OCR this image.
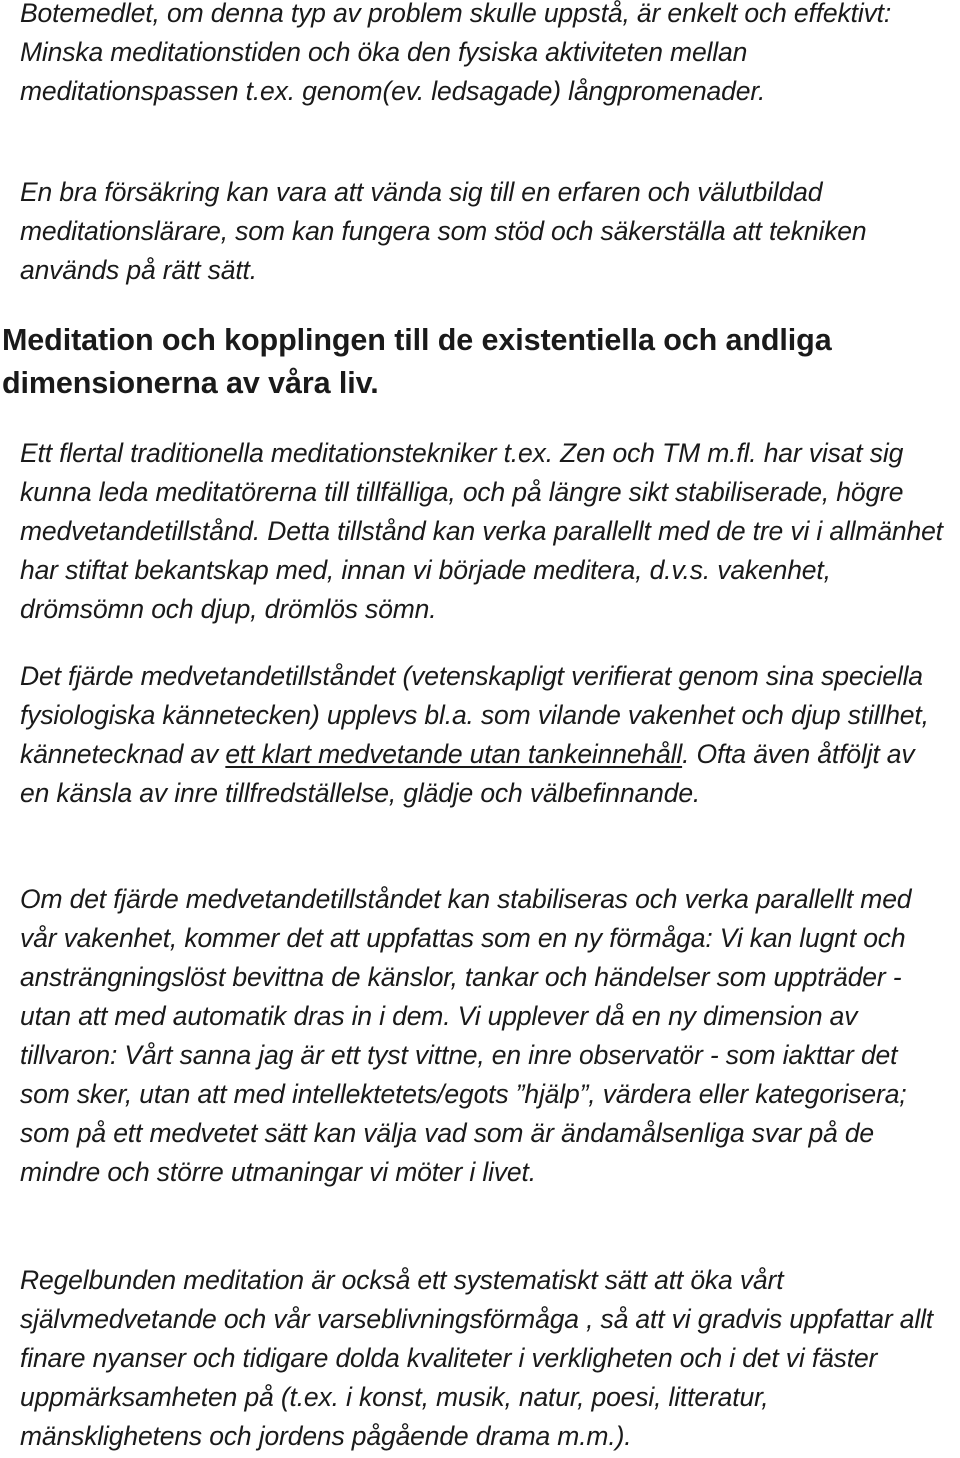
Botemedlet, om denna typ av problem skulle uppstå, är enkelt och effektivt: Minska meditationstiden och öka den fysiska aktiviteten mellan meditationspassen t.ex. genom(ev. ledsagade) långpromenader.

En bra försäkring kan vara att vända sig till en erfaren och välutbildad meditationslärare, som kan fungera som stöd och säkerställa att tekniken används på rätt sätt.

Meditation och kopplingen till de existentiella och andliga dimensionerna av våra liv.

Ett flertal traditionella meditationstekniker t.ex. Zen och TM m.fl. har visat sig kunna leda meditatörerna till tillfälliga, och på längre sikt stabiliserade, högre medvetandetillstånd. Detta tillstånd kan verka parallellt med de tre vi i allmänhet har stiftat bekantskap med, innan vi började meditera, d.v.s. vakenhet, drömsömn och djup, drömlös sömn.

Det fjärde medvetandetillståndet (vetenskapligt verifierat genom sina speciella fysiologiska kännetecken) upplevs bl.a. som vilande vakenhet och djup stillhet, kännetecknad av ett klart medvetande utan tankeinnehåll. Ofta även åtföljt av en känsla av inre tillfredställelse, glädje och välbefinnande.

Om det fjärde medvetandetillståndet kan stabiliseras och verka parallellt med vår vakenhet, kommer det att uppfattas som en ny förmåga: Vi kan lugnt och ansträngningslöst bevittna de känslor, tankar och händelser som uppträder - utan att med automatik dras in i dem. Vi upplever då en ny dimension av tillvaron: Vårt sanna jag är ett tyst vittne, en inre observatör - som iakttar det som sker, utan att med intellektetets/egots ”hjälp”, värdera eller kategorisera; som på ett medvetet sätt kan välja vad som är ändamålsenliga svar på de mindre och större utmaningar vi möter i livet.

Regelbunden meditation är också ett systematiskt sätt att öka vårt självmedvetande och vår varseblivningsförmåga , så att vi gradvis uppfattar allt finare nyanser och tidigare dolda kvaliteter i verkligheten och i det vi fäster uppmärksamheten på (t.ex. i konst, musik, natur, poesi, litteratur, mänsklighetens och jordens pågående drama m.m.).
